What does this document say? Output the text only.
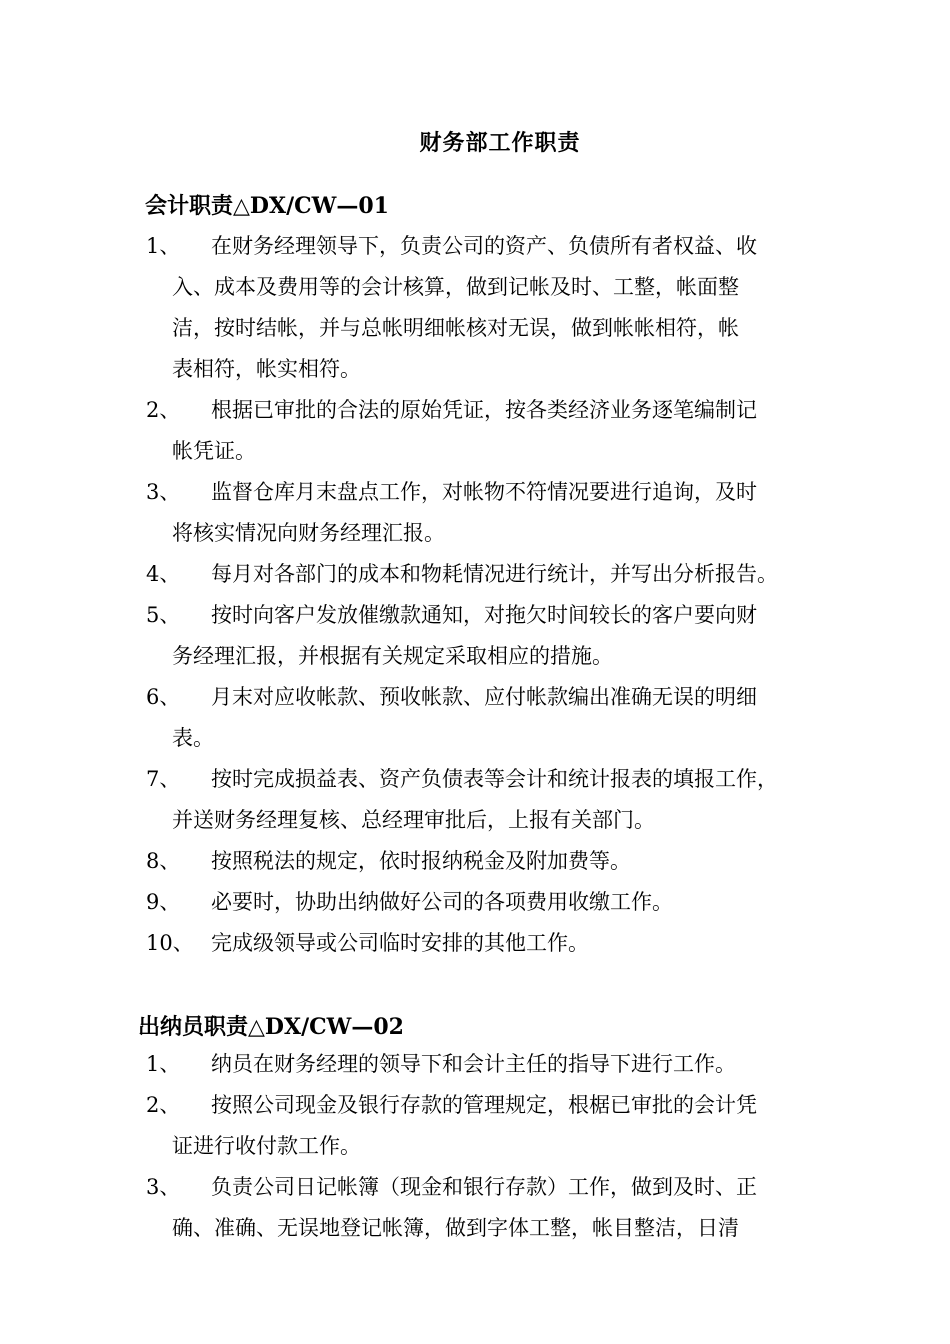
财务部工作职责
会计职责△DX/CW—01
1、	在财务经理领导下，负责公司的资产、负债所有者权益、收
入、成本及费用等的会计核算，做到记帐及时、工整，帐面整
洁，按时结帐，并与总帐明细帐核对无误，做到帐帐相符，帐
表相符，帐实相符。
2、	根据已审批的合法的原始凭证，按各类经济业务逐笔编制记
帐凭证。
3、	监督仓库月末盘点工作，对帐物不符情况要进行追询，及时
将核实情况向财务经理汇报。
4、	每月对各部门的成本和物耗情况进行统计，并写出分析报告。
5、	按时向客户发放催缴款通知，对拖欠时间较长的客户要向财
务经理汇报，并根据有关规定采取相应的措施。
6、	月末对应收帐款、预收帐款、应付帐款编出准确无误的明细
表。
7、	按时完成损益表、资产负债表等会计和统计报表的填报工作，
并送财务经理复核、总经理审批后，上报有关部门。
8、	按照税法的规定，依时报纳税金及附加费等。
9、	必要时，协助出纳做好公司的各项费用收缴工作。
10、 完成级领导或公司临时安排的其他工作。
出纳员职责△DX/CW—02
1、	纳员在财务经理的领导下和会计主任的指导下进行工作。
2、	按照公司现金及银行存款的管理规定，根椐已审批的会计凭
证进行收付款工作。
3、	负责公司日记帐簿（现金和银行存款）工作，做到及时、正
确、准确、无误地登记帐簿，做到字体工整，帐目整洁，日清
